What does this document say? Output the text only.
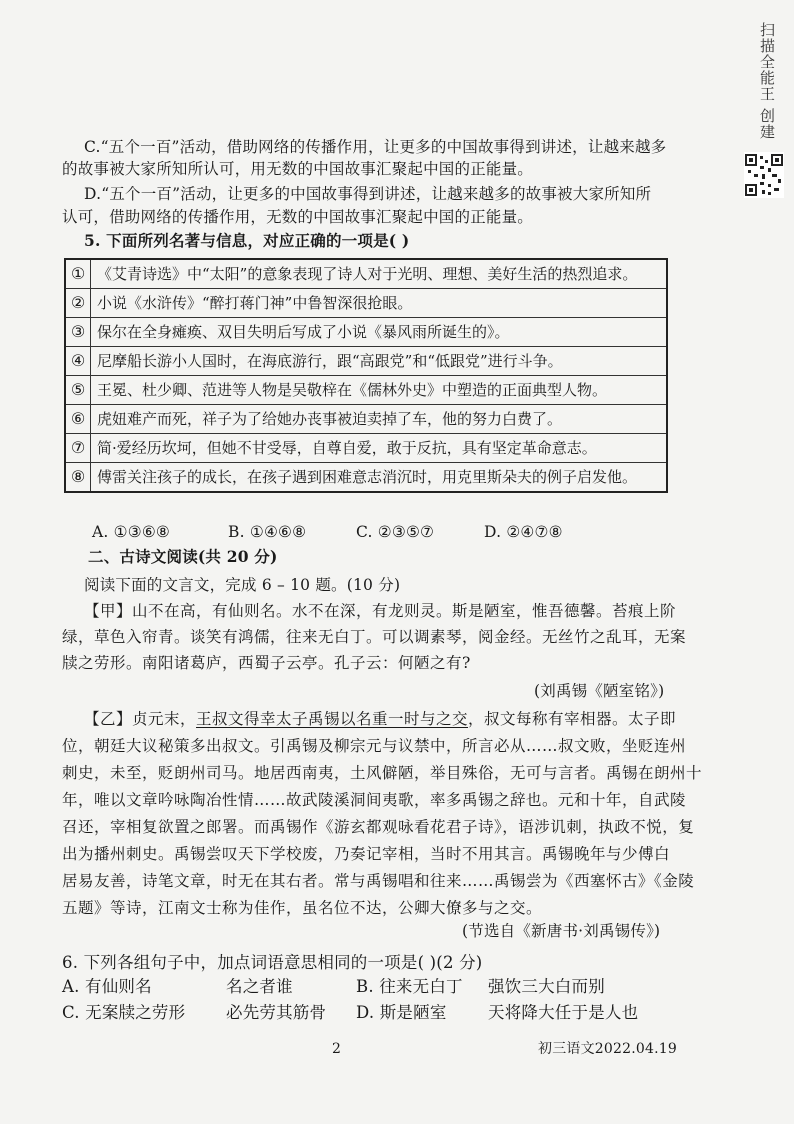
扫描全能王 创建
C.“五个一百”活动，借助网络的传播作用，让更多的中国故事得到讲述，让越来越多
的故事被大家所知所认可，用无数的中国故事汇聚起中国的正能量。
D.“五个一百”活动，让更多的中国故事得到讲述，让越来越多的故事被大家所知所
认可，借助网络的传播作用，无数的中国故事汇聚起中国的正能量。
5. 下面所列名著与信息，对应正确的一项是( )
①	《艾青诗选》中“太阳”的意象表现了诗人对于光明、理想、美好生活的热烈追求。
②	小说《水浒传》“醉打蒋门神”中鲁智深很抢眼。
③	保尔在全身瘫痪、双目失明后写成了小说《暴风雨所诞生的》。
④	尼摩船长游小人国时，在海底游行，跟“高跟党”和“低跟党”进行斗争。
⑤	王冕、杜少卿、范进等人物是吴敬梓在《儒林外史》中塑造的正面典型人物。
⑥	虎妞难产而死，祥子为了给她办丧事被迫卖掉了车，他的努力白费了。
⑦	简·爱经历坎坷，但她不甘受辱，自尊自爱，敢于反抗，具有坚定革命意志。
⑧	傅雷关注孩子的成长，在孩子遇到困难意志消沉时，用克里斯朵夫的例子启发他。
A. ①③⑥⑧	B. ①④⑥⑧	C. ②③⑤⑦	D. ②④⑦⑧
二、古诗文阅读(共 20 分)
阅读下面的文言文，完成 6 – 10 题。(10 分)
【甲】山不在高，有仙则名。水不在深，有龙则灵。斯是陋室，惟吾德馨。苔痕上阶
绿，草色入帘青。谈笑有鸿儒，往来无白丁。可以调素琴，阅金经。无丝竹之乱耳，无案
牍之劳形。南阳诸葛庐，西蜀子云亭。孔子云：何陋之有?
(刘禹锡《陋室铭》)
【乙】贞元末，王叔文得幸太子禹锡以名重一时与之交，叔文每称有宰相器。太子即
位，朝廷大议秘策多出叔文。引禹锡及柳宗元与议禁中，所言必从……叔文败，坐贬连州
刺史，未至，贬朗州司马。地居西南夷，土风僻陋，举目殊俗，无可与言者。禹锡在朗州十
年，唯以文章吟咏陶冶性情……故武陵溪洞间夷歌，率多禹锡之辞也。元和十年，自武陵
召还，宰相复欲置之郎署。而禹锡作《游玄都观咏看花君子诗》，语涉讥刺，执政不悦，复
出为播州刺史。禹锡尝叹天下学校废，乃奏记宰相，当时不用其言。禹锡晚年与少傅白
居易友善，诗笔文章，时无在其右者。常与禹锡唱和往来……禹锡尝为《西塞怀古》《金陵
五题》等诗，江南文士称为佳作，虽名位不达，公卿大僚多与之交。
(节选自《新唐书·刘禹锡传》)
6. 下列各组句子中，加点词语意思相同的一项是( )(2 分)
A. 有仙则名	名之者谁	B. 往来无白丁 强饮三大白而别
C. 无案牍之劳形 必先劳其筋骨 D. 斯是陋室	天将降大任于是人也
2	初三语文2022.04.19
